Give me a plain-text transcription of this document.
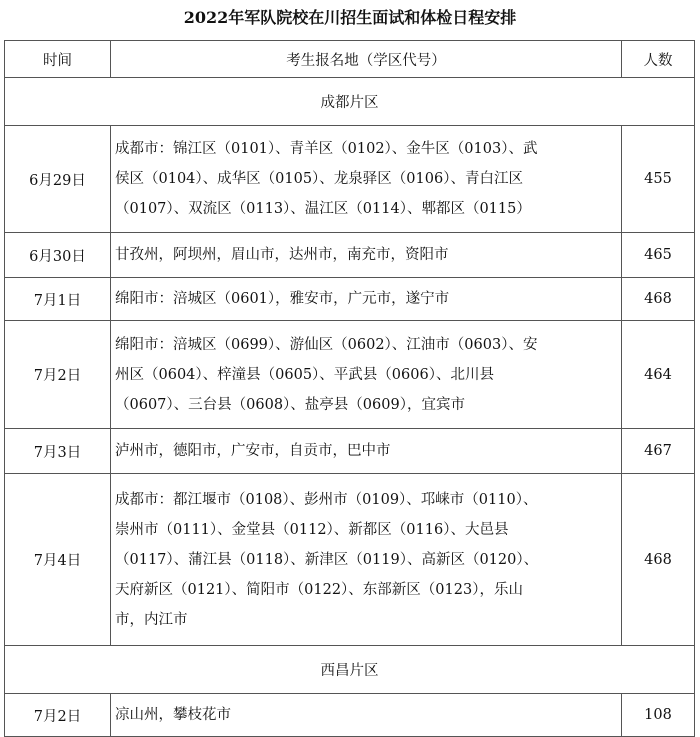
2022年军队院校在川招生面试和体检日程安排
时间	考生报名地（学区代号）	人数
成都片区		
6月29日	成都市：锦江区（0101）、青羊区（0102）、金牛区（0103）、武
侯区（0104）、成华区（0105）、龙泉驿区（0106）、青白江区
（0107）、双流区（0113）、温江区（0114）、郫都区（0115）	455
6月30日	甘孜州，阿坝州，眉山市，达州市，南充市，资阳市	465
7月1日	绵阳市：涪城区（0601），雅安市，广元市，遂宁市	468
7月2日	绵阳市：涪城区（0699）、游仙区（0602）、江油市（0603）、安
州区（0604）、梓潼县（0605）、平武县（0606）、北川县
（0607）、三台县（0608）、盐亭县（0609），宜宾市	464
7月3日	泸州市，德阳市，广安市，自贡市，巴中市	467
7月4日	成都市：都江堰市（0108）、彭州市（0109）、邛崃市（0110）、
崇州市（0111）、金堂县（0112）、新都区（0116）、大邑县
（0117）、蒲江县（0118）、新津区（0119）、高新区（0120）、
天府新区（0121）、简阳市（0122）、东部新区（0123），乐山
市，内江市	468
西昌片区		
7月2日	凉山州，攀枝花市	108
